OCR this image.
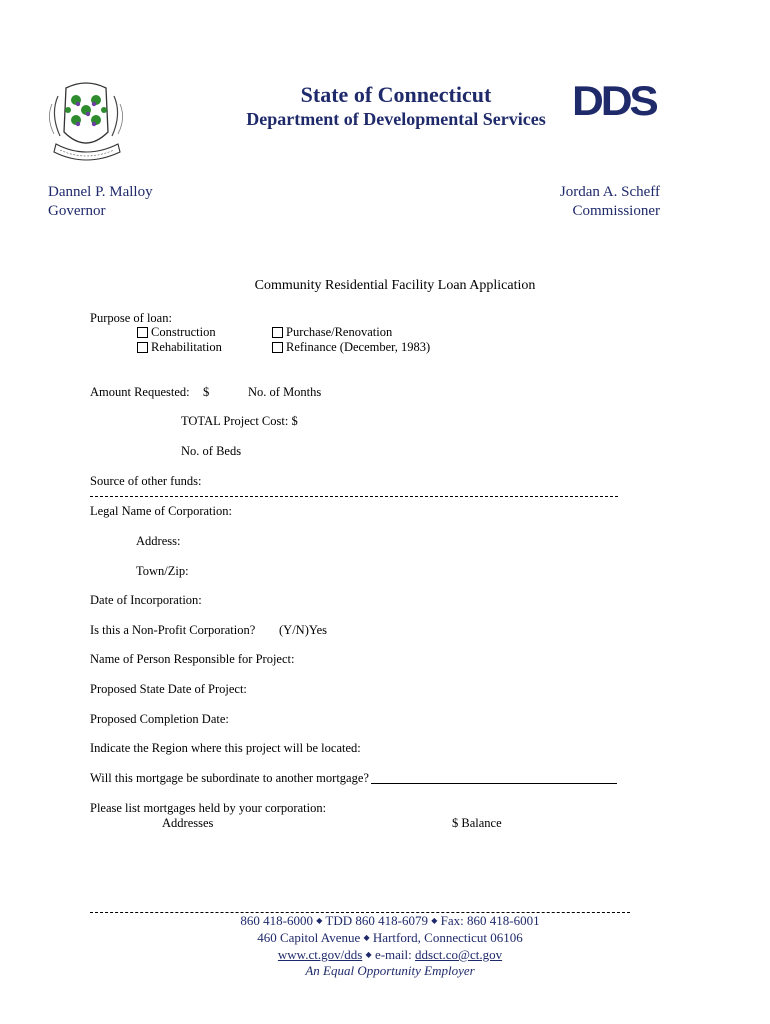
State of Connecticut
Department of Developmental Services DDS
Dannel P. Malloy
Governor
Jordan A. Scheff
Commissioner
Community Residential Facility Loan Application
Purpose of loan:
Construction
Rehabilitation
Purchase/Renovation
Refinance (December, 1983)
Amount Requested: $	No. of Months
TOTAL Project Cost: $
No. of Beds
Source of other funds:
Legal Name of Corporation:
Address:
Town/Zip:
Date of Incorporation:
Is this a Non-Profit Corporation? (Y/N)Yes
Name of Person Responsible for Project:
Proposed State Date of Project:
Proposed Completion Date:
Indicate the Region where this project will be located:
Will this mortgage be subordinate to another mortgage?
Please list mortgages held by your corporation:
Addresses	$ Balance
860 418-6000 ◆ TDD 860 418-6079 ◆ Fax: 860 418-6001
460 Capitol Avenue ◆ Hartford, Connecticut 06106
www.ct.gov/dds ◆ e-mail: ddsct.co@ct.gov
An Equal Opportunity Employer
